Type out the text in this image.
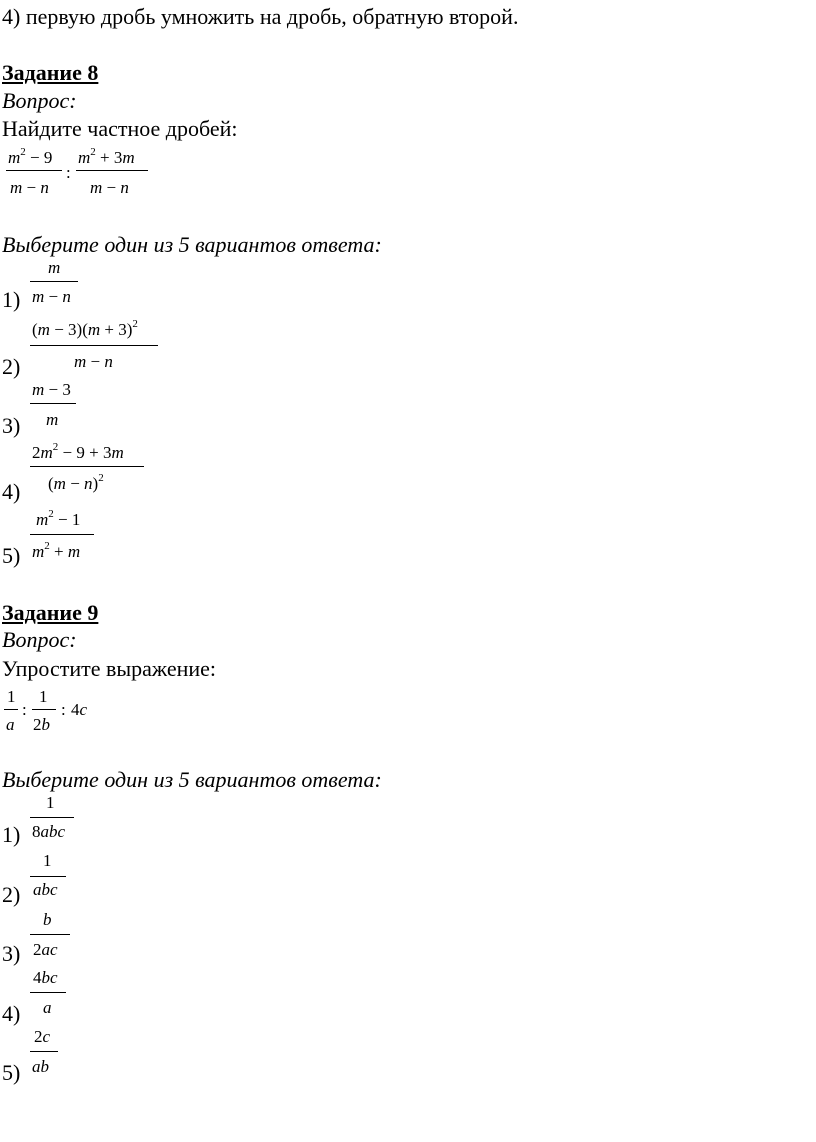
4) первую дробь умножить на дробь, обратную второй.
Задание 8
Вопрос:
Найдите частное дробей:
$m^2 - 9$
m − n
:
$m^2 + 3m$
m − n
Выберите один из 5 вариантов ответа:
1)
m
m − n
2)
$(m - 3)(m + 3)^2$
m − n
3)
m − 3
m
4)
$2m^2 - 9 + 3m$
$(m - n)^2$
5)
$m^2 - 1$
$m^2 + m$
Задание 9
Вопрос:
Упростите выражение:
1
a
:
1
2b
: 4c
Выберите один из 5 вариантов ответа:
1)
1
8abc
2)
1
abc
3)
b
2ac
4)
4bc
a
5)
2c
ab
